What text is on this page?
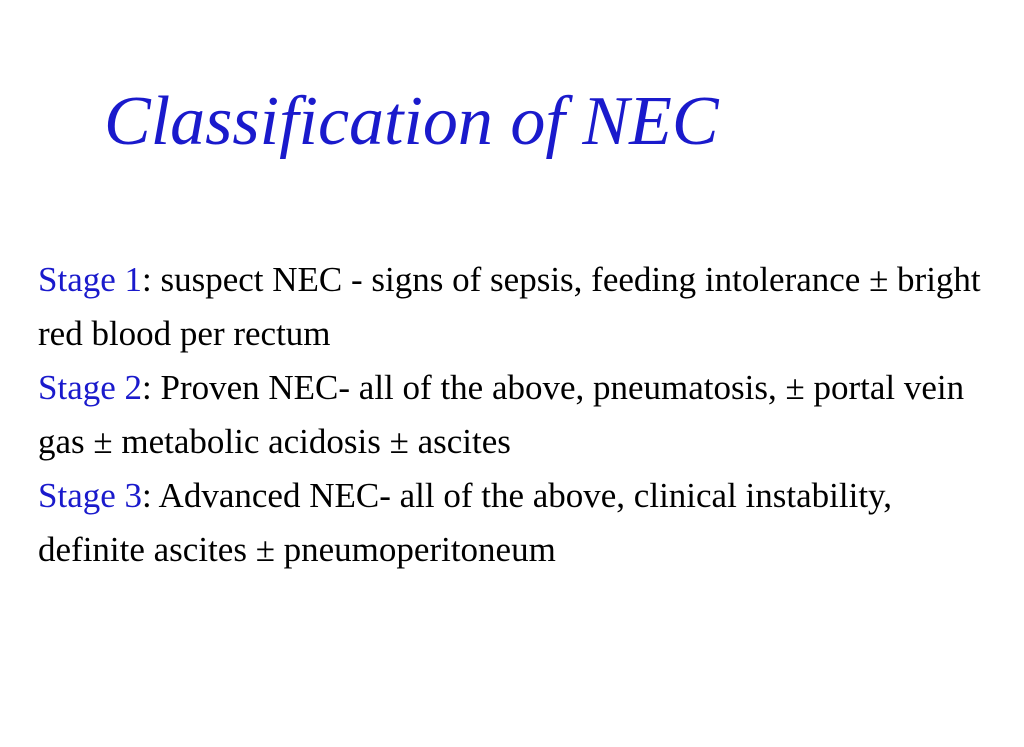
Classification of NEC

Stage 1: suspect NEC - signs of sepsis, feeding intolerance ± bright red blood per rectum

Stage 2: Proven NEC- all of the above, pneumatosis, ± portal vein gas ± metabolic acidosis ± ascites

Stage 3: Advanced NEC- all of the above, clinical instability, definite ascites ± pneumoperitoneum
